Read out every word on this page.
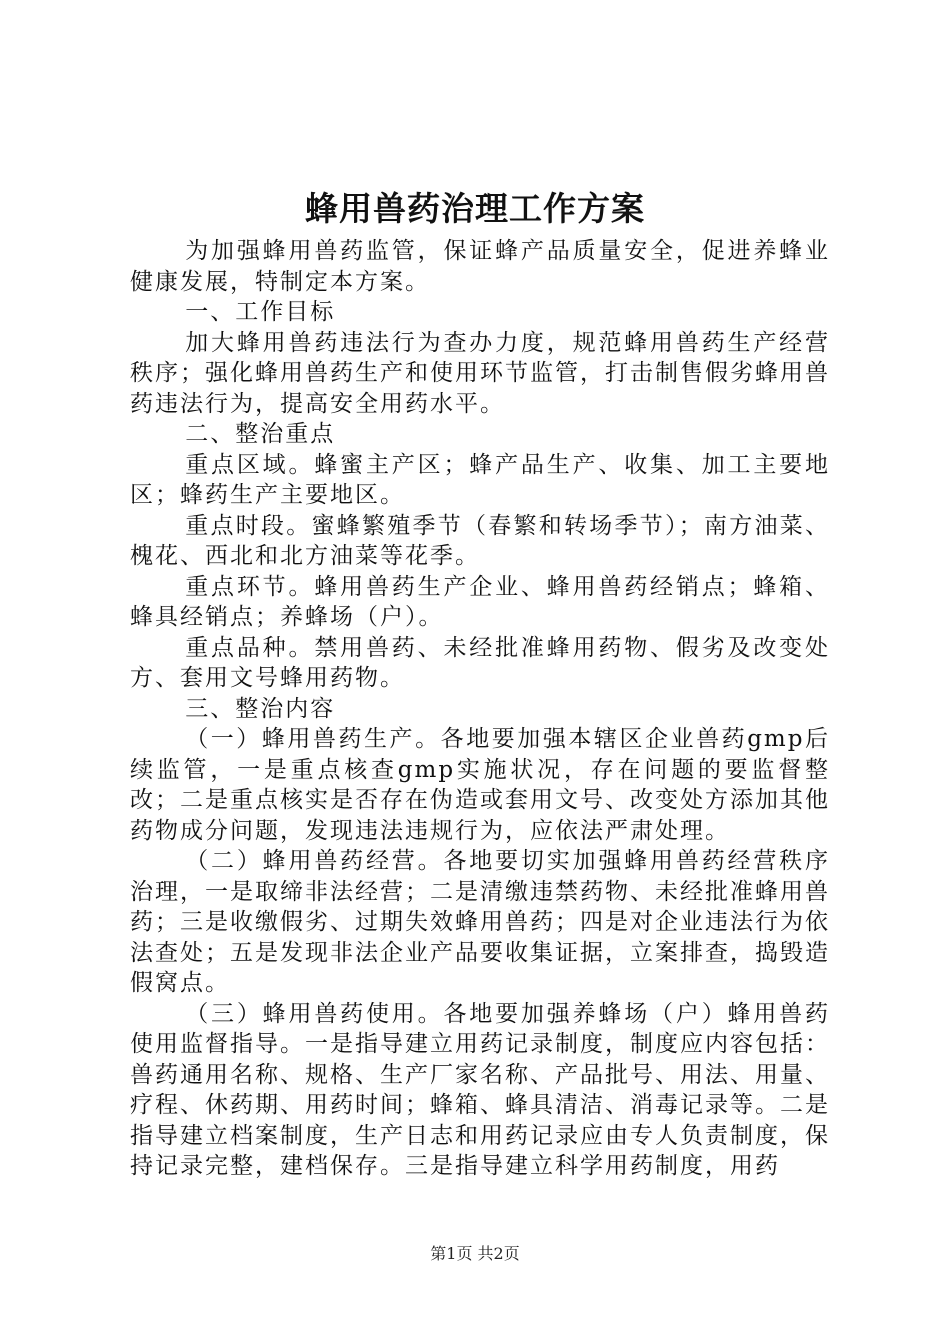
蜂用兽药治理工作方案

为加强蜂用兽药监管，保证蜂产品质量安全，促进养蜂业健康发展，特制定本方案。

一、工作目标

加大蜂用兽药违法行为查办力度，规范蜂用兽药生产经营秩序；强化蜂用兽药生产和使用环节监管，打击制售假劣蜂用兽药违法行为，提高安全用药水平。

二、整治重点

重点区域。蜂蜜主产区；蜂产品生产、收集、加工主要地区；蜂药生产主要地区。

重点时段。蜜蜂繁殖季节（春繁和转场季节）；南方油菜、槐花、西北和北方油菜等花季。

重点环节。蜂用兽药生产企业、蜂用兽药经销点；蜂箱、蜂具经销点；养蜂场（户）。

重点品种。禁用兽药、未经批准蜂用药物、假劣及改变处方、套用文号蜂用药物。

三、整治内容

（一）蜂用兽药生产。各地要加强本辖区企业兽药gmp后续监管，一是重点核查gmp实施状况，存在问题的要监督整改；二是重点核实是否存在伪造或套用文号、改变处方添加其他药物成分问题，发现违法违规行为，应依法严肃处理。

（二）蜂用兽药经营。各地要切实加强蜂用兽药经营秩序治理，一是取缔非法经营；二是清缴违禁药物、未经批准蜂用兽药；三是收缴假劣、过期失效蜂用兽药；四是对企业违法行为依法查处；五是发现非法企业产品要收集证据，立案排查，捣毁造假窝点。

（三）蜂用兽药使用。各地要加强养蜂场（户）蜂用兽药使用监督指导。一是指导建立用药记录制度，制度应内容包括：兽药通用名称、规格、生产厂家名称、产品批号、用法、用量、疗程、休药期、用药时间；蜂箱、蜂具清洁、消毒记录等。二是指导建立档案制度，生产日志和用药记录应由专人负责制度，保持记录完整，建档保存。三是指导建立科学用药制度，用药

第1页 共2页
